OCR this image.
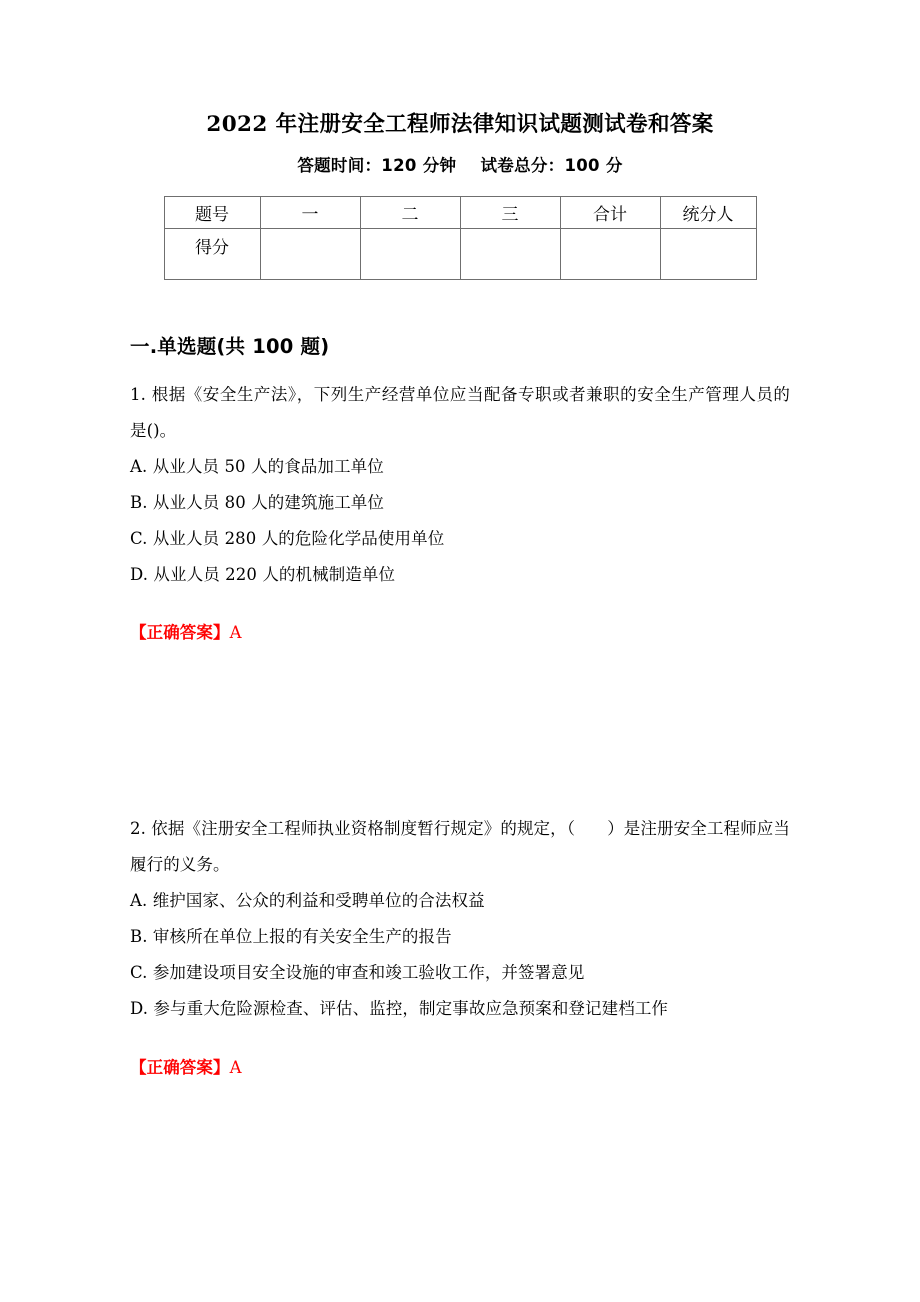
2022 年注册安全工程师法律知识试题测试卷和答案
答题时间：120 分钟    试卷总分：100 分
题号	一	二	三	合计	统分人
得分					
一.单选题(共 100 题)

1. 根据《安全生产法》，下列生产经营单位应当配备专职或者兼职的安全生产管理人员的是()。

A. 从业人员 50 人的食品加工单位

B. 从业人员 80 人的建筑施工单位

C. 从业人员 280 人的危险化学品使用单位

D. 从业人员 220 人的机械制造单位

【正确答案】A

2. 依据《注册安全工程师执业资格制度暂行规定》的规定，（ ）是注册安全工程师应当履行的义务。

A. 维护国家、公众的利益和受聘单位的合法权益

B. 审核所在单位上报的有关安全生产的报告

C. 参加建设项目安全设施的审查和竣工验收工作，并签署意见

D. 参与重大危险源检查、评估、监控，制定事故应急预案和登记建档工作

【正确答案】A
